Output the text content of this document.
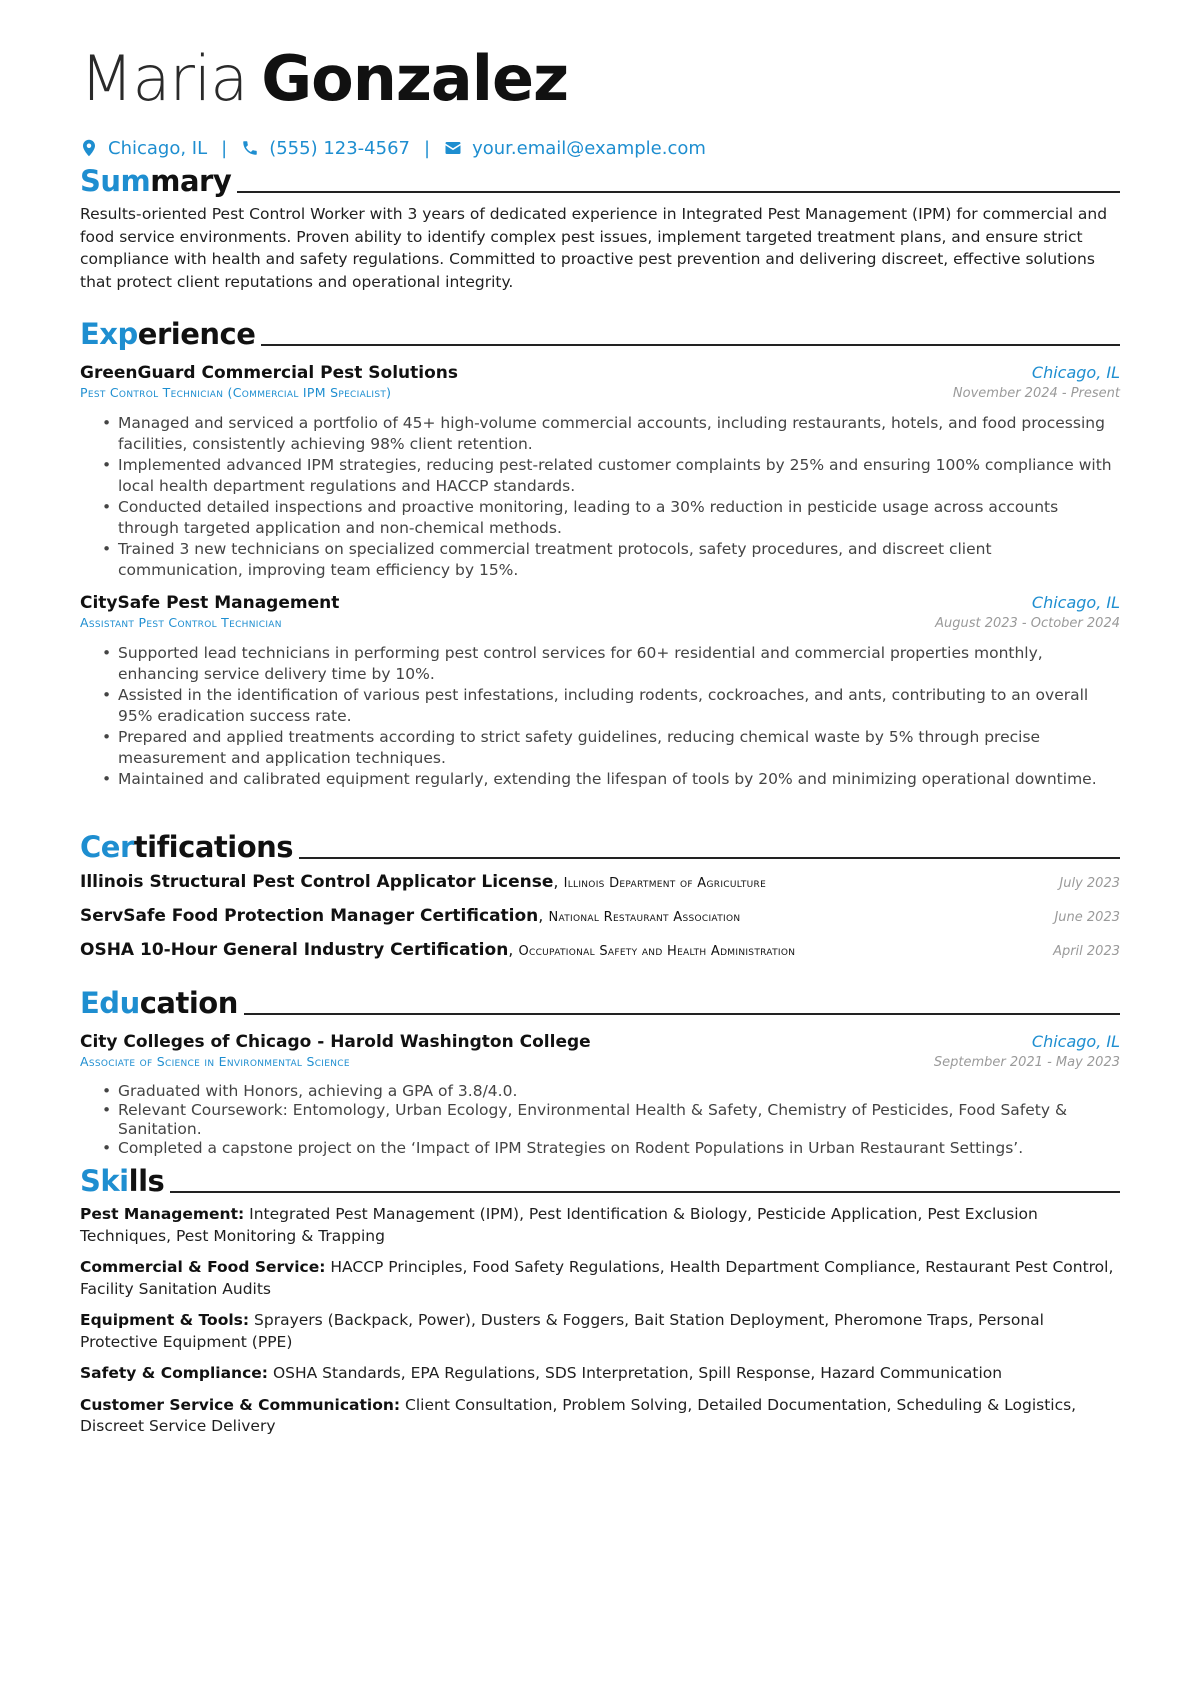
Maria Gonzalez
Chicago, IL | (555) 123-4567 | your.email@example.com
Summary
Results-oriented Pest Control Worker with 3 years of dedicated experience in Integrated Pest Management (IPM) for commercial and food service environments. Proven ability to identify complex pest issues, implement targeted treatment plans, and ensure strict compliance with health and safety regulations. Committed to proactive pest prevention and delivering discreet, effective solutions that protect client reputations and operational integrity.
Experience
GreenGuard Commercial Pest Solutions	Chicago, IL
Pest Control Technician (Commercial IPM Specialist)	November 2024 - Present
• Managed and serviced a portfolio of 45+ high-volume commercial accounts, including restaurants, hotels, and food processing facilities, consistently achieving 98% client retention.
• Implemented advanced IPM strategies, reducing pest-related customer complaints by 25% and ensuring 100% compliance with local health department regulations and HACCP standards.
• Conducted detailed inspections and proactive monitoring, leading to a 30% reduction in pesticide usage across accounts through targeted application and non-chemical methods.
• Trained 3 new technicians on specialized commercial treatment protocols, safety procedures, and discreet client communication, improving team efficiency by 15%.
CitySafe Pest Management	Chicago, IL
Assistant Pest Control Technician	August 2023 - October 2024
• Supported lead technicians in performing pest control services for 60+ residential and commercial properties monthly, enhancing service delivery time by 10%.
• Assisted in the identification of various pest infestations, including rodents, cockroaches, and ants, contributing to an overall 95% eradication success rate.
• Prepared and applied treatments according to strict safety guidelines, reducing chemical waste by 5% through precise measurement and application techniques.
• Maintained and calibrated equipment regularly, extending the lifespan of tools by 20% and minimizing operational downtime.
Certifications
Illinois Structural Pest Control Applicator License, Illinois Department of Agriculture	July 2023
ServSafe Food Protection Manager Certification, National Restaurant Association	June 2023
OSHA 10-Hour General Industry Certification, Occupational Safety and Health Administration	April 2023
Education
City Colleges of Chicago - Harold Washington College	Chicago, IL
Associate of Science in Environmental Science	September 2021 - May 2023
• Graduated with Honors, achieving a GPA of 3.8/4.0.
• Relevant Coursework: Entomology, Urban Ecology, Environmental Health & Safety, Chemistry of Pesticides, Food Safety & Sanitation.
• Completed a capstone project on the ‘Impact of IPM Strategies on Rodent Populations in Urban Restaurant Settings’.
Skills
Pest Management: Integrated Pest Management (IPM), Pest Identification & Biology, Pesticide Application, Pest Exclusion Techniques, Pest Monitoring & Trapping
Commercial & Food Service: HACCP Principles, Food Safety Regulations, Health Department Compliance, Restaurant Pest Control, Facility Sanitation Audits
Equipment & Tools: Sprayers (Backpack, Power), Dusters & Foggers, Bait Station Deployment, Pheromone Traps, Personal Protective Equipment (PPE)
Safety & Compliance: OSHA Standards, EPA Regulations, SDS Interpretation, Spill Response, Hazard Communication
Customer Service & Communication: Client Consultation, Problem Solving, Detailed Documentation, Scheduling & Logistics, Discreet Service Delivery
